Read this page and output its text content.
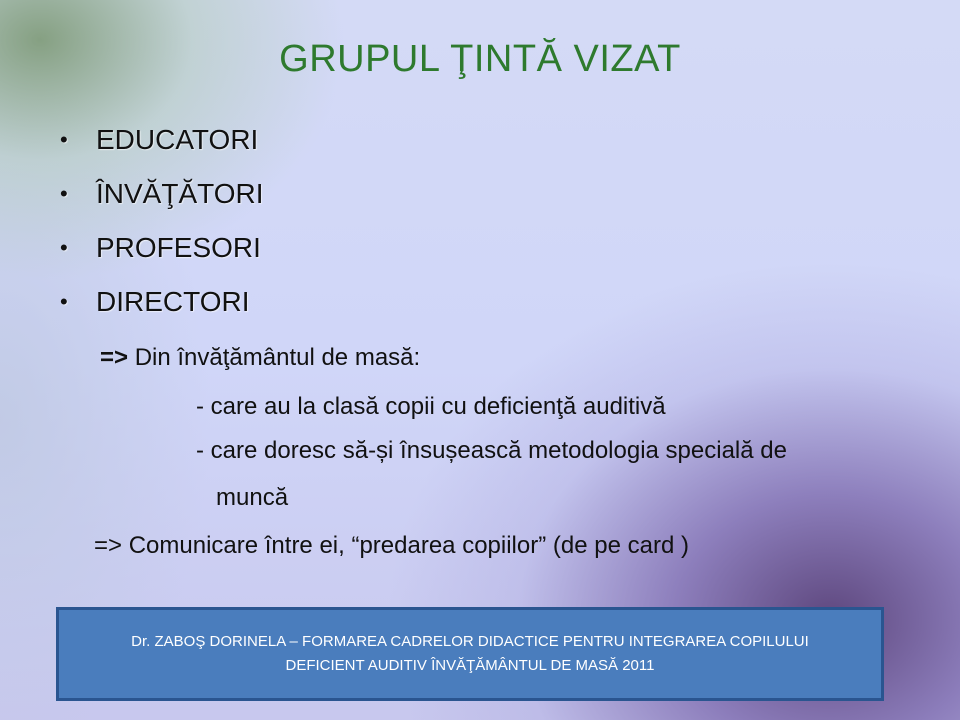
GRUPUL ŢINTĂ VIZAT
• EDUCATORI
• ÎNVĂŢĂTORI
• PROFESORI
• DIRECTORI
=> Din învăţământul de masă:
- care au la clasă copii cu deficienţă auditivă
- care doresc să-și însușească metodologia specială de
muncă
=> Comunicare între ei, “predarea copiilor” (de pe card )
Dr. ZABOŞ DORINELA – FORMAREA CADRELOR DIDACTICE PENTRU INTEGRAREA COPILULUI
DEFICIENT AUDITIV ÎNVĂŢĂMÂNTUL DE MASĂ 2011
